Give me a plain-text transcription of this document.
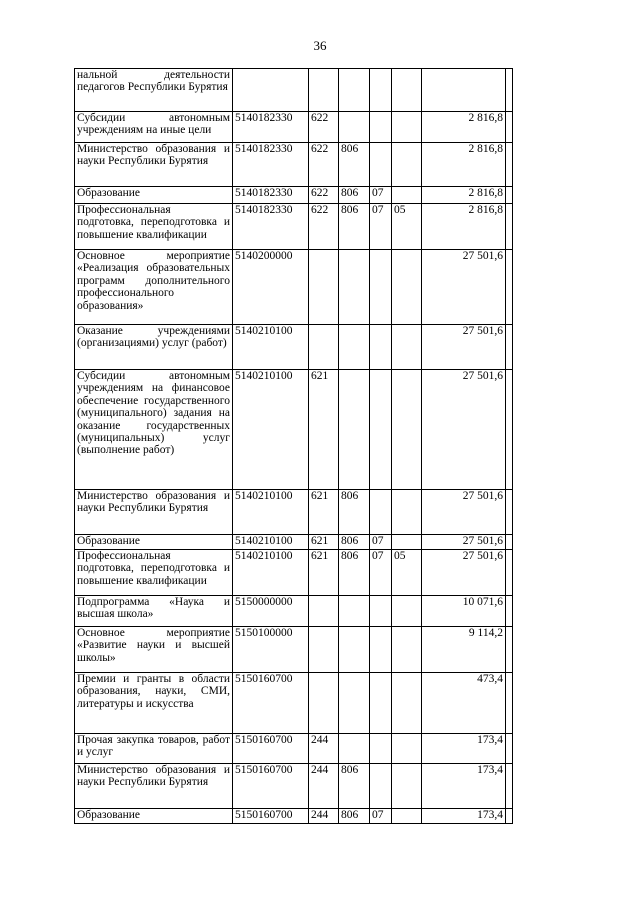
36
нальной деятельности педагогов Республики Бурятия							
Субсидии автономным учреждениям на иные цели	5140182330	622				2 816,8	
Министерство образования и науки Республики Бурятия	5140182330	622	806			2 816,8	
Образование	5140182330	622	806	07		2 816,8	
Профессиональная подготовка, переподготовка и повышение квалификации	5140182330	622	806	07	05	2 816,8	
Основное мероприятие «Реализация образовательных программ дополнительного профессионального образования»	5140200000					27 501,6	
Оказание учреждениями (организациями) услуг (работ)	5140210100					27 501,6	
Субсидии автономным учреждениям на финансовое обеспечение государственного (муниципального) задания на оказание государственных (муниципальных) услуг (выполнение работ)	5140210100	621				27 501,6	
Министерство образования и науки Республики Бурятия	5140210100	621	806			27 501,6	
Образование	5140210100	621	806	07		27 501,6	
Профессиональная подготовка, переподготовка и повышение квалификации	5140210100	621	806	07	05	27 501,6	
Подпрограмма «Наука и высшая школа»	5150000000					10 071,6	
Основное мероприятие «Развитие науки и высшей школы»	5150100000					9 114,2	
Премии и гранты в области образования, науки, СМИ, литературы и искусства	5150160700					473,4	
Прочая закупка товаров, работ и услуг	5150160700	244				173,4	
Министерство образования и науки Республики Бурятия	5150160700	244	806			173,4	
Образование	5150160700	244	806	07		173,4	
